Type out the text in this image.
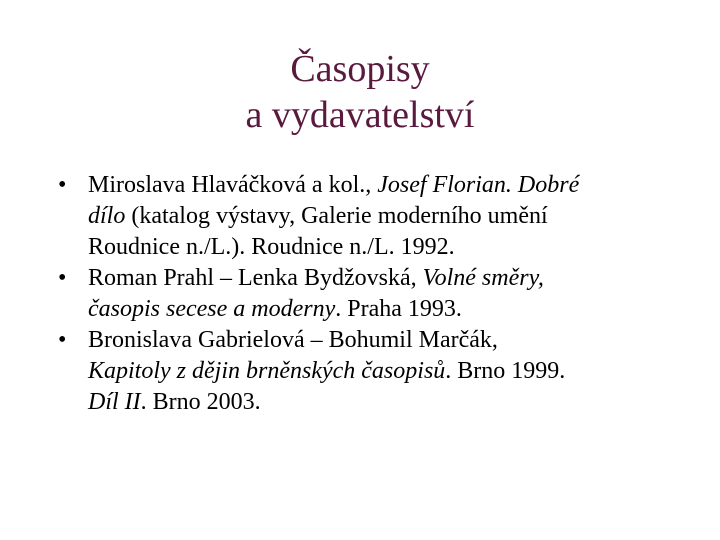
Časopisy
a vydavatelství
• Miroslava Hlaváčková a kol., Josef Florian. Dobré
dílo (katalog výstavy, Galerie moderního umění
Roudnice n./L.). Roudnice n./L. 1992.
• Roman Prahl – Lenka Bydžovská, Volné směry,
časopis secese a moderny. Praha 1993.
• Bronislava Gabrielová – Bohumil Marčák,
Kapitoly z dějin brněnských časopisů. Brno 1999.
Díl II. Brno 2003.
